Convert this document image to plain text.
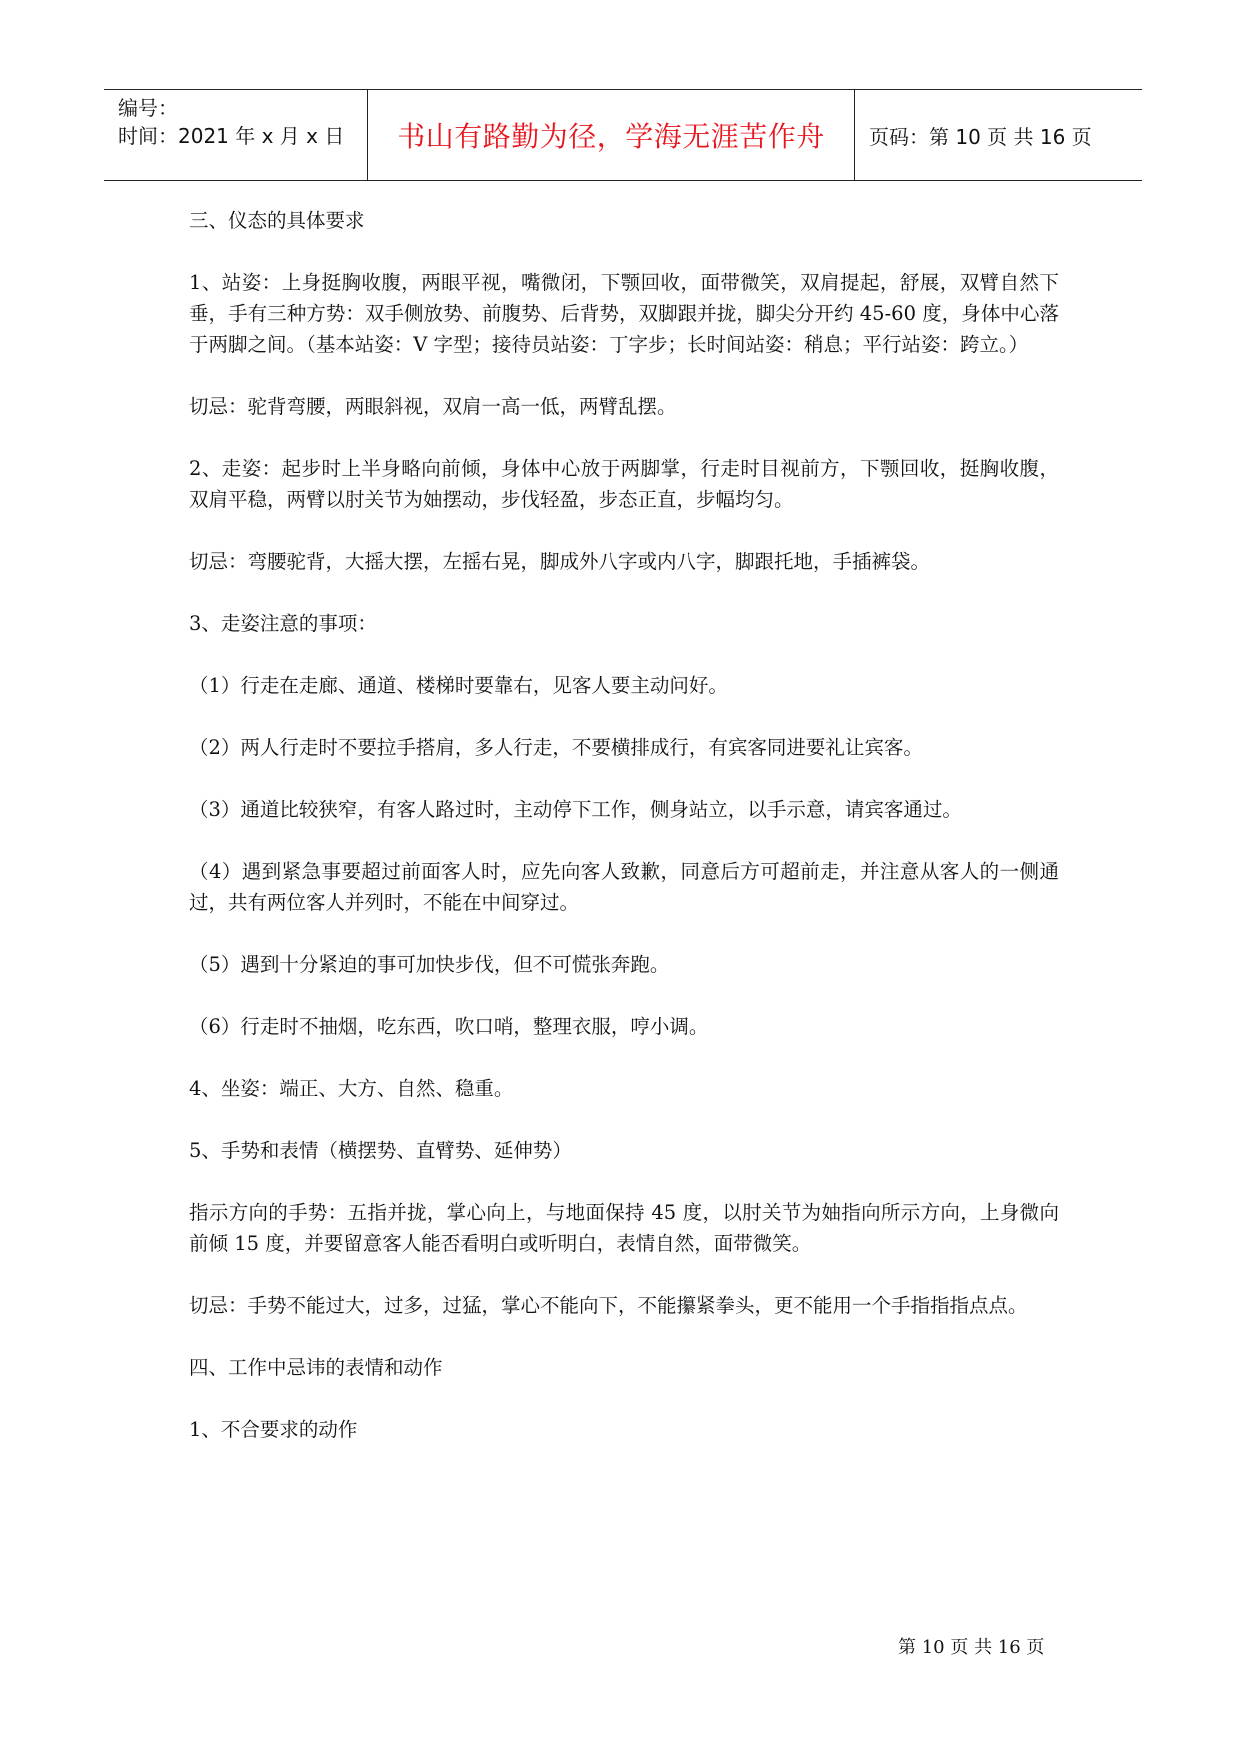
编号：
时间：2021 年 x 月 x 日 书山有路勤为径，学海无涯苦作舟 页码：第 10 页 共 16 页

三、仪态的具体要求

1、站姿：上身挺胸收腹，两眼平视，嘴微闭，下颚回收，面带微笑，双肩提起，舒展，双臂自然下垂，手有三种方势：双手侧放势、前腹势、后背势，双脚跟并拢，脚尖分开约 45-60 度，身体中心落于两脚之间。（基本站姿：V 字型；接待员站姿：丁字步；长时间站姿：稍息；平行站姿：跨立。）

切忌：驼背弯腰，两眼斜视，双肩一高一低，两臂乱摆。

2、走姿：起步时上半身略向前倾，身体中心放于两脚掌，行走时目视前方，下颚回收，挺胸收腹，双肩平稳，两臂以肘关节为妯摆动，步伐轻盈，步态正直，步幅均匀。

切忌：弯腰驼背，大摇大摆，左摇右晃，脚成外八字或内八字，脚跟托地，手插裤袋。

3、走姿注意的事项：

（1）行走在走廊、通道、楼梯时要靠右，见客人要主动问好。

（2）两人行走时不要拉手搭肩，多人行走，不要横排成行，有宾客同进要礼让宾客。

（3）通道比较狭窄，有客人路过时，主动停下工作，侧身站立，以手示意，请宾客通过。

（4）遇到紧急事要超过前面客人时，应先向客人致歉，同意后方可超前走，并注意从客人的一侧通过，共有两位客人并列时，不能在中间穿过。

（5）遇到十分紧迫的事可加快步伐，但不可慌张奔跑。

（6）行走时不抽烟，吃东西，吹口哨，整理衣服，哼小调。

4、坐姿：端正、大方、自然、稳重。

5、手势和表情（横摆势、直臂势、延伸势）

指示方向的手势：五指并拢，掌心向上，与地面保持 45 度，以肘关节为妯指向所示方向，上身微向前倾 15 度，并要留意客人能否看明白或听明白，表情自然，面带微笑。

切忌：手势不能过大，过多，过猛，掌心不能向下，不能攥紧拳头，更不能用一个手指指指点点。

四、工作中忌讳的表情和动作

1、不合要求的动作

第 10 页 共 16 页
